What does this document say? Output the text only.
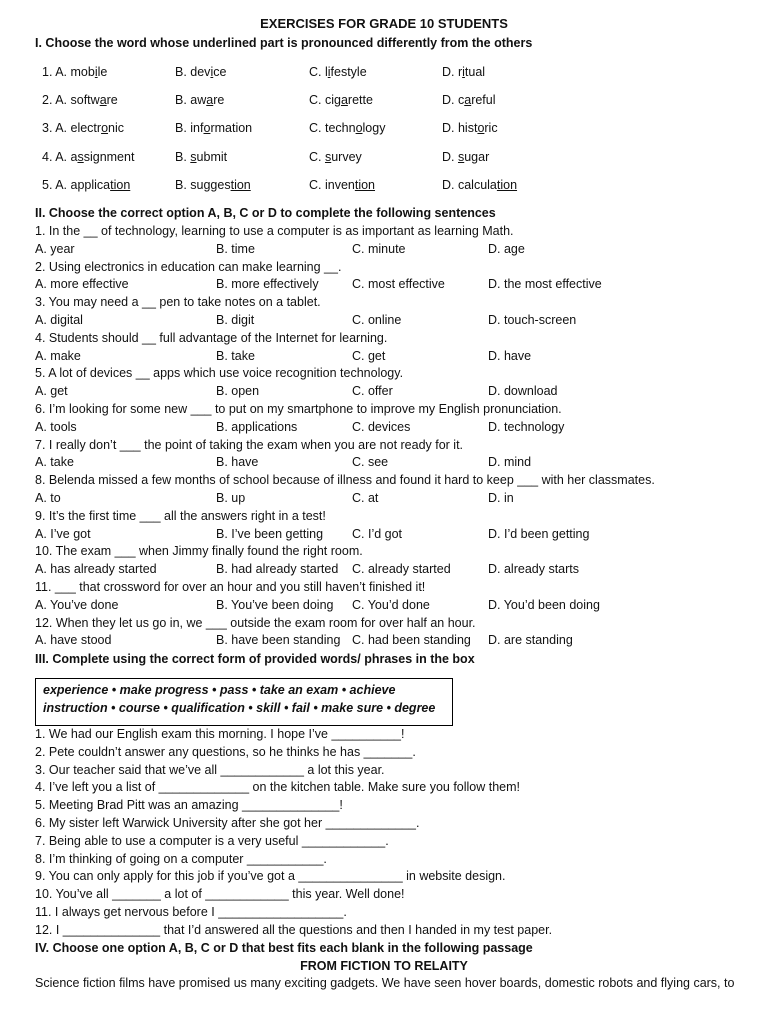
EXERCISES FOR GRADE 10 STUDENTS
I. Choose the word whose underlined part is pronounced differently from the others
1. A. mobile	B. device	C. lifestyle	D. ritual
2. A. software	B. aware	C. cigarette	D. careful
3. A. electronic	B. information	C. technology	D. historic
4. A. assignment	B. submit	C. survey	D. sugar
5. A. application	B. suggestion	C. invention	D. calculation
II. Choose the correct option A, B, C or D to complete the following sentences
1. In the __ of technology, learning to use a computer is as important as learning Math.
A. year	B. time	C. minute	D. age
2. Using electronics in education can make learning __.
A. more effective	B. more effectively	C. most effective	D. the most effective
3. You may need a __ pen to take notes on a tablet.
A. digital	B. digit	C. online	D. touch-screen
4. Students should __ full advantage of the Internet for learning.
A. make	B. take	C. get	D. have
5. A lot of devices __ apps which use voice recognition technology.
A. get	B. open	C. offer	D. download
6. I’m looking for some new ___ to put on my smartphone to improve my English pronunciation.
A. tools	B. applications	C. devices	D. technology
7. I really don’t ___ the point of taking the exam when you are not ready for it.
A. take	B. have	C. see	D. mind
8. Belenda missed a few months of school because of illness and found it hard to keep ___ with her classmates.
A. to	B. up	C. at	D. in
9. It’s the first time ___ all the answers right in a test!
A. I’ve got	B. I’ve been getting C. I’d got	D. I’d been getting
10. The exam ___ when Jimmy finally found the right room.
A. has already started	B. had already started C. already started	D. already starts
11. ___ that crossword for over an hour and you still haven’t finished it!
A. You’ve done	B. You’ve been doing C. You’d done	D. You’d been doing
12. When they let us go in, we ___ outside the exam room for over half an hour.
A. have stood	B. have been standing C. had been standing D. are standing
III. Complete using the correct form of provided words/ phrases in the box
experience • make progress • pass • take an exam • achieve
instruction • course • qualification • skill • fail • make sure • degree
1. We had our English exam this morning. I hope I’ve __________!
2. Pete couldn’t answer any questions, so he thinks he has _______.
3. Our teacher said that we’ve all ____________ a lot this year.
4. I’ve left you a list of _____________ on the kitchen table. Make sure you follow them!
5. Meeting Brad Pitt was an amazing ______________!
6. My sister left Warwick University after she got her _____________.
7. Being able to use a computer is a very useful ____________.
8. I’m thinking of going on a computer ___________.
9. You can only apply for this job if you’ve got a _______________ in website design.
10. You’ve all _______ a lot of ____________ this year. Well done!
11. I always get nervous before I __________________.
12. I ______________ that I’d answered all the questions and then I handed in my test paper.
IV. Choose one option A, B, C or D that best fits each blank in the following passage
FROM FICTION TO RELAITY
Science fiction films have promised us many exciting gadgets. We have seen hover boards, domestic robots and flying cars, to
